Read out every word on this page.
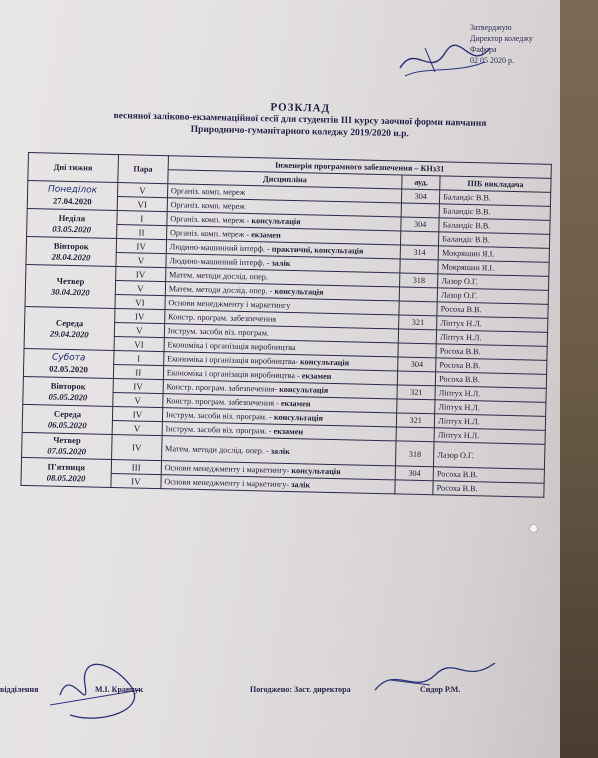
Затверджую
Директор коледжу
Фафора
02 05 2020 р.
РОЗКЛАД
весняної заліково-екзаменаційної сесії для студентів III курсу заочної форми навчання
Природничо-гуманітарного коледжу 2019/2020 н.р.
Дні тижня	Пара	Інженерія програмного забезпечення – КНз31		
		Дисципліна	ауд.	ПІБ викладача

Понеділок
27.04.2020	V	Організ. комп. мереж	304	Баландіс В.В.
	VI	Організ. комп. мереж		Баландіс В.В.

Неділя
03.05.2020	I	Організ. комп. мереж - консультація	304	Баландіс В.В.
	II	Організ. комп. мереж - екзамен		Баландіс В.В.

Вівторок
28.04.2020	IV	Людино-машинний інтерф. - практичні, консультація	314	Мокряшин Я.І.
	V	Людино-машинний інтерф. - залік		Мокряшин Я.І.

Четвер
30.04.2020	IV	Матем. методи дослід. опер.	318	Лазор О.Г.
	V	Матем. методи дослід. опер. - консультація		Лазор О.Г.
	VI	Основи менеджменту і маркетингу		Росоха В.В.

Середа
29.04.2020	IV	Констр. програм. забезпечення	321	Ліптух Н.Л.
	V	Інструм. засоби віз. програм.		Ліптух Н.Л.
	VI	Економіка і організація виробництва		Росоха В.В.

Субота
02.05.2020	I	Економіка і організація виробництва- консультація	304	Росоха В.В.
	II	Економіка і організація виробництва - екзамен		Росоха В.В.

Вівторок
05.05.2020	IV	Констр. програм. забезпечення- консультація	321	Ліптух Н.Л.
	V	Констр. програм. забезпечення - екзамен		Ліптух Н.Л.

Середа
06.05.2020	IV	Інструм. засоби віз. програм. - консультація	321	Ліптух Н.Л.
	V	Інструм. засоби віз. програм. - екзамен		Ліптух Н.Л.

Четвер
07.05.2020	IV	Матем. методи дослід. опер. - залік	318	Лазор О.Г.

П'ятниця
08.05.2020	III	Основи менеджменту і маркетингу- консультація	304	Росоха В.В.
	IV	Основи менеджменту і маркетингу- залік		Росоха В.В.
відділення	М.І. Кравчук	Погоджено: Заст. директора	Сидор Р.М.
